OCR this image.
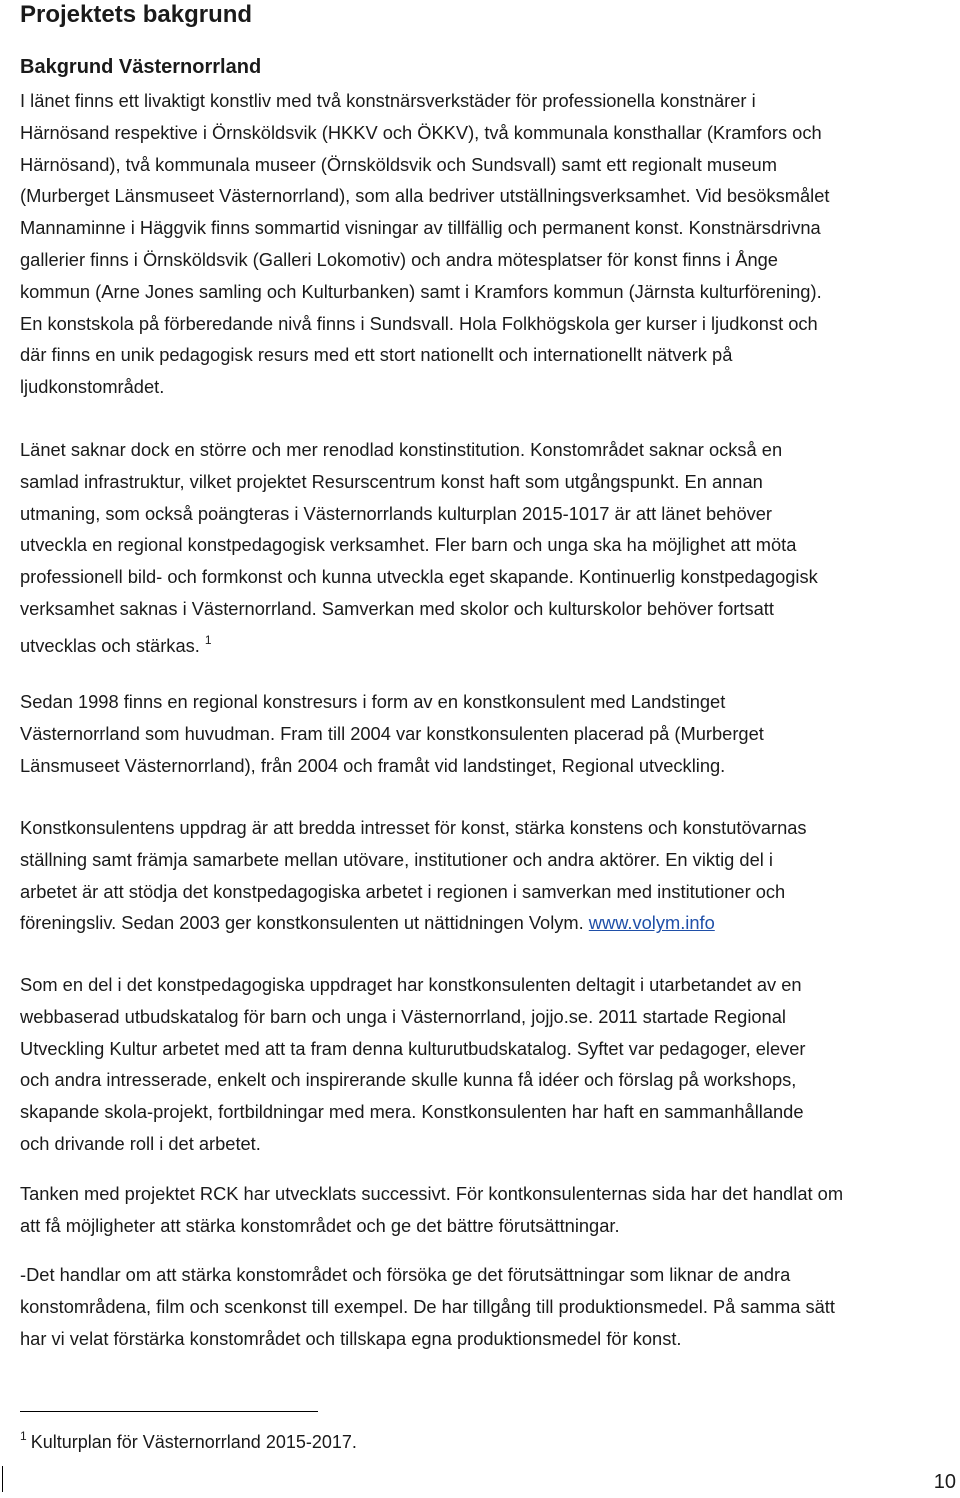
Projektets bakgrund
Bakgrund Västernorrland
I länet finns ett livaktigt konstliv med två konstnärsverkstäder för professionella konstnärer i
Härnösand respektive i Örnsköldsvik (HKKV och ÖKKV), två kommunala konsthallar (Kramfors och
Härnösand), två kommunala museer (Örnsköldsvik och Sundsvall) samt ett regionalt museum
(Murberget Länsmuseet Västernorrland), som alla bedriver utställningsverksamhet. Vid besöksmålet
Mannaminne i Häggvik finns sommartid visningar av tillfällig och permanent konst. Konstnärsdrivna
gallerier finns i Örnsköldsvik (Galleri Lokomotiv) och andra mötesplatser för konst finns i Ånge
kommun (Arne Jones samling och Kulturbanken) samt i Kramfors kommun (Järnsta kulturförening).
En konstskola på förberedande nivå finns i Sundsvall. Hola Folkhögskola ger kurser i ljudkonst och
där finns en unik pedagogisk resurs med ett stort nationellt och internationellt nätverk på
ljudkonstområdet.
Länet saknar dock en större och mer renodlad konstinstitution. Konstområdet saknar också en
samlad infrastruktur, vilket projektet Resurscentrum konst haft som utgångspunkt. En annan
utmaning, som också poängteras i Västernorrlands kulturplan 2015-1017 är att länet behöver
utveckla en regional konstpedagogisk verksamhet. Fler barn och unga ska ha möjlighet att möta
professionell bild- och formkonst och kunna utveckla eget skapande. Kontinuerlig konstpedagogisk
verksamhet saknas i Västernorrland. Samverkan med skolor och kulturskolor behöver fortsatt
utvecklas och stärkas. $^1$
Sedan 1998 finns en regional konstresurs i form av en konstkonsulent med Landstinget
Västernorrland som huvudman. Fram till 2004 var konstkonsulenten placerad på (Murberget
Länsmuseet Västernorrland), från 2004 och framåt vid landstinget, Regional utveckling.
Konstkonsulentens uppdrag är att bredda intresset för konst, stärka konstens och konstutövarnas
ställning samt främja samarbete mellan utövare, institutioner och andra aktörer. En viktig del i
arbetet är att stödja det konstpedagogiska arbetet i regionen i samverkan med institutioner och
föreningsliv. Sedan 2003 ger konstkonsulenten ut nättidningen Volym. www.volym.info
Som en del i det konstpedagogiska uppdraget har konstkonsulenten deltagit i utarbetandet av en
webbaserad utbudskatalog för barn och unga i Västernorrland, jojjo.se. 2011 startade Regional
Utveckling Kultur arbetet med att ta fram denna kulturutbudskatalog. Syftet var pedagoger, elever
och andra intresserade, enkelt och inspirerande skulle kunna få idéer och förslag på workshops,
skapande skola-projekt, fortbildningar med mera. Konstkonsulenten har haft en sammanhållande
och drivande roll i det arbetet.
Tanken med projektet RCK har utvecklats successivt. För kontkonsulenternas sida har det handlat om
att få möjligheter att stärka konstområdet och ge det bättre förutsättningar.
-Det handlar om att stärka konstområdet och försöka ge det förutsättningar som liknar de andra
konstområdena, film och scenkonst till exempel. De har tillgång till produktionsmedel. På samma sätt
har vi velat förstärka konstområdet och tillskapa egna produktionsmedel för konst.
$^1$ Kulturplan för Västernorrland 2015-2017.
10
